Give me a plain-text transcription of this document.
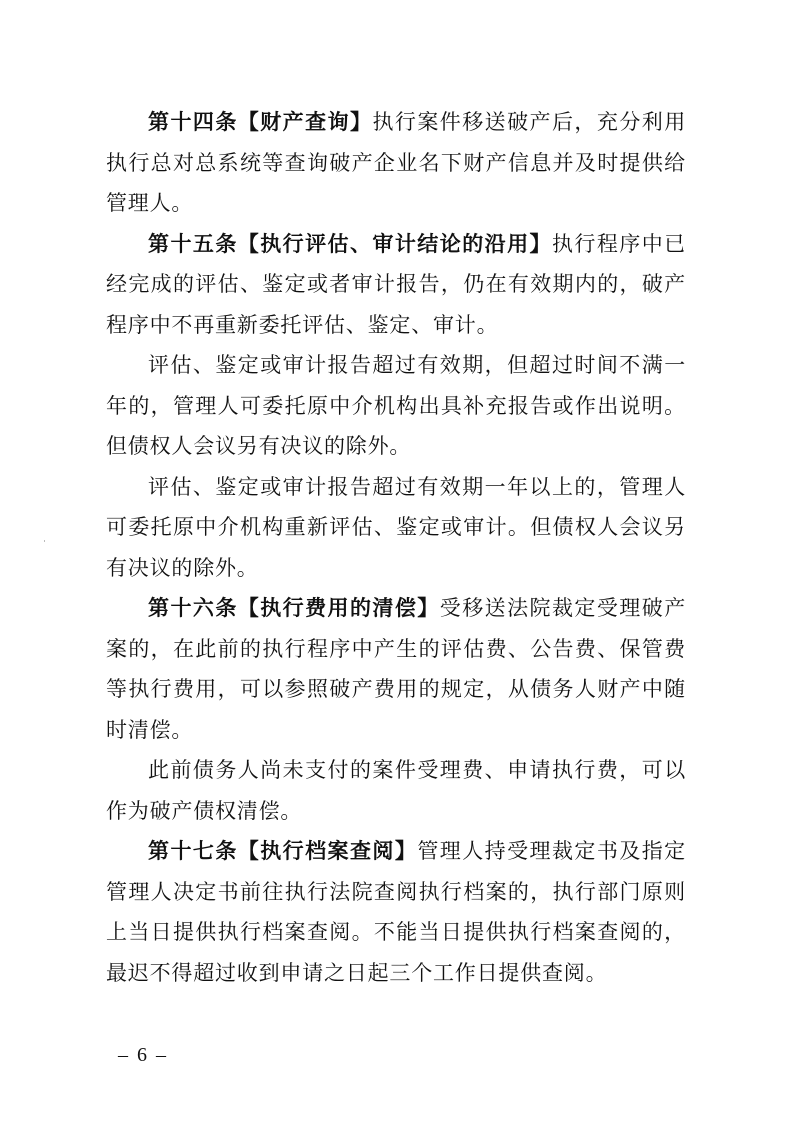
第十四条【财产查询】执行案件移送破产后，充分利用执行总对总系统等查询破产企业名下财产信息并及时提供给管理人。

第十五条【执行评估、审计结论的沿用】执行程序中已经完成的评估、鉴定或者审计报告，仍在有效期内的，破产程序中不再重新委托评估、鉴定、审计。

评估、鉴定或审计报告超过有效期，但超过时间不满一年的，管理人可委托原中介机构出具补充报告或作出说明。但债权人会议另有决议的除外。

评估、鉴定或审计报告超过有效期一年以上的，管理人可委托原中介机构重新评估、鉴定或审计。但债权人会议另有决议的除外。

第十六条【执行费用的清偿】受移送法院裁定受理破产案的，在此前的执行程序中产生的评估费、公告费、保管费等执行费用，可以参照破产费用的规定，从债务人财产中随时清偿。

此前债务人尚未支付的案件受理费、申请执行费，可以作为破产债权清偿。

第十七条【执行档案查阅】管理人持受理裁定书及指定管理人决定书前往执行法院查阅执行档案的，执行部门原则上当日提供执行档案查阅。不能当日提供执行档案查阅的，最迟不得超过收到申请之日起三个工作日提供查阅。

– 6 –
